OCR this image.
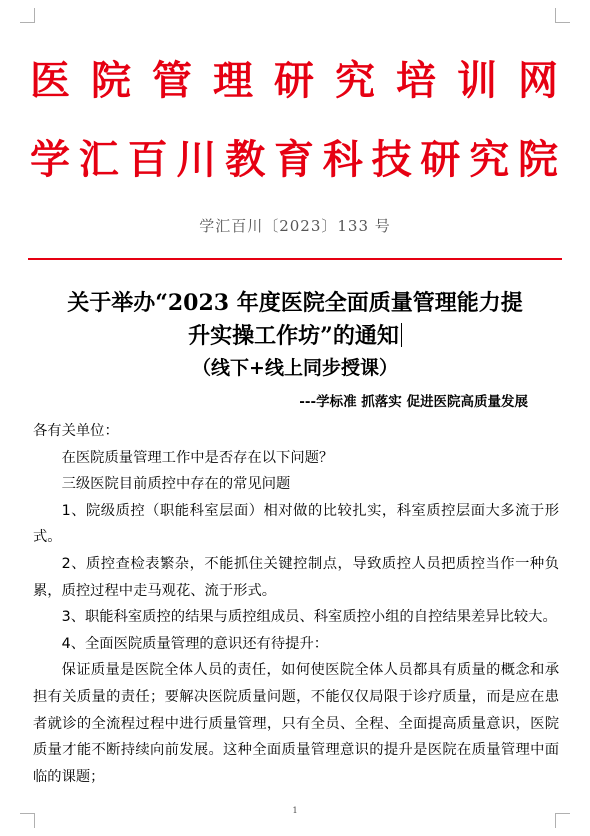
医院管理研究培训网
学汇百川教育科技研究院
学汇百川〔2023〕133 号
关于举办“2023 年度医院全面质量管理能力提
升实操工作坊”的通知
（线下+线上同步授课）
---学标准 抓落实 促进医院高质量发展

各有关单位：

在医院质量管理工作中是否存在以下问题？

三级医院目前质控中存在的常见问题

1、院级质控（职能科室层面）相对做的比较扎实，科室质控层面大多流于形式。

2、质控查检表繁杂，不能抓住关键控制点，导致质控人员把质控当作一种负累，质控过程中走马观花、流于形式。

3、职能科室质控的结果与质控组成员、科室质控小组的自控结果差异比较大。

4、全面医院质量管理的意识还有待提升：

保证质量是医院全体人员的责任，如何使医院全体人员都具有质量的概念和承担有关质量的责任；要解决医院质量问题，不能仅仅局限于诊疗质量，而是应在患者就诊的全流程过程中进行质量管理，只有全员、全程、全面提高质量意识，医院质量才能不断持续向前发展。这种全面质量管理意识的提升是医院在质量管理中面临的课题；

1
